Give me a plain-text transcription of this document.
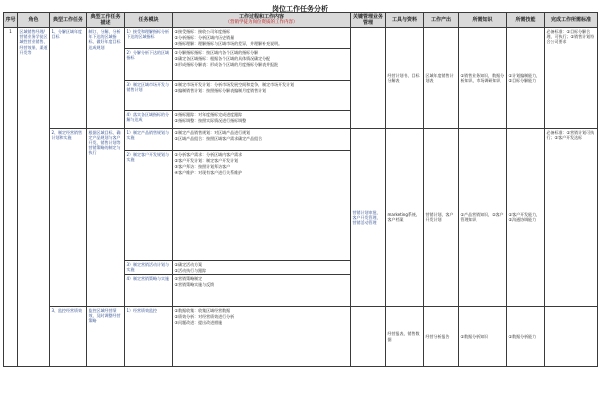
岗位工作任务分析
序号	角色	典型工作任务	典型工作任务描述	任务模块	工作过程和工作内容
（营销学徒为岗位资质的工作内容）	关键管理业务管理	工具与资料	工作产出	所需知识	所需技能	完成工作所需标准
1	区域销售经理/营销业务学徒区域性营业销售、经营效果、渠道开发等	1、分解区域年度目标	制订、分解、分析年下达的区域指标，做好年度目标达成规划	1）接受和理解指标分析下达的区域指标	①接受指标：接收公司年度指标
②分析指标：分析区域内历史销量
③指标理解：理解指标与区域市场的差异，并理解补充说明。		经营计划书、目标分解表	区域年度销售计划表	①销售业务知识，数据分析知识、市场调研知识	①计划编制能力，②目标分解能力	必备标准：①目标分解合理、可执行；②销售计划符合公司要求
				2）分解分析下达的区域指标	①分解指标指标：按区域内各个区域的指标分解
②确定各区域指标：根据各个区域的具体情况确定分配
③形成指标分解表：形成各个区域的月度指标分解表并报批						

				3）制定区域市场开发与销售计划	①制定市场开发计划：分析市场发展空间和竞争，制定市场开发计划
②编制销售计划：按照指标分解表编制月度销售计划						

				4）落实各区域指标的分解与达成	①指标跟踪：对年度指标完成进度跟踪
②指标调整：按照实际情况进行指标调整						

		2、制定经营销售计划和实施	根据区域目标，确定产品规划与客户开发、销售计划等营销策略的制定与执行	1）制定产品销售规划与实施	①制定产品销售规划：对区域产品进行规划
②区域产品组合：按照区域客户需求确定产品组合	营销计划审批、客户开发管理、营销活动管理	marketing系统、客户档案	营销计划、客户开发计划	①产品营销知识，②客户管理知识	①客户开发能力，②沟通协调能力	必备标准：①营销计划可执行；②客户开发达标
				2）制定客户开发规划与实施	①分析客户需求：分析区域内客户需求
②客户开发计划：制定客户开发计划
③客户拜访：按照计划拜访客户
④客户维护：对现有客户进行关系维护						

				3）制定营销活动计划与实施	①确定活动方案
②活动执行与跟踪						

				4）制定营销策略与实施	①营销策略制定
②营销策略实施与反馈						

		3、监控经营绩效	监控区域经营绩效，及时调整经营策略	1）经营绩效监控	①数据收集：收集区域经营数据
②绩效分析：对经营绩效进行分析
③问题改进：提出改进措施		经营报表、销售数据	经营分析报告	①数据分析知识	①数据分析能力	
